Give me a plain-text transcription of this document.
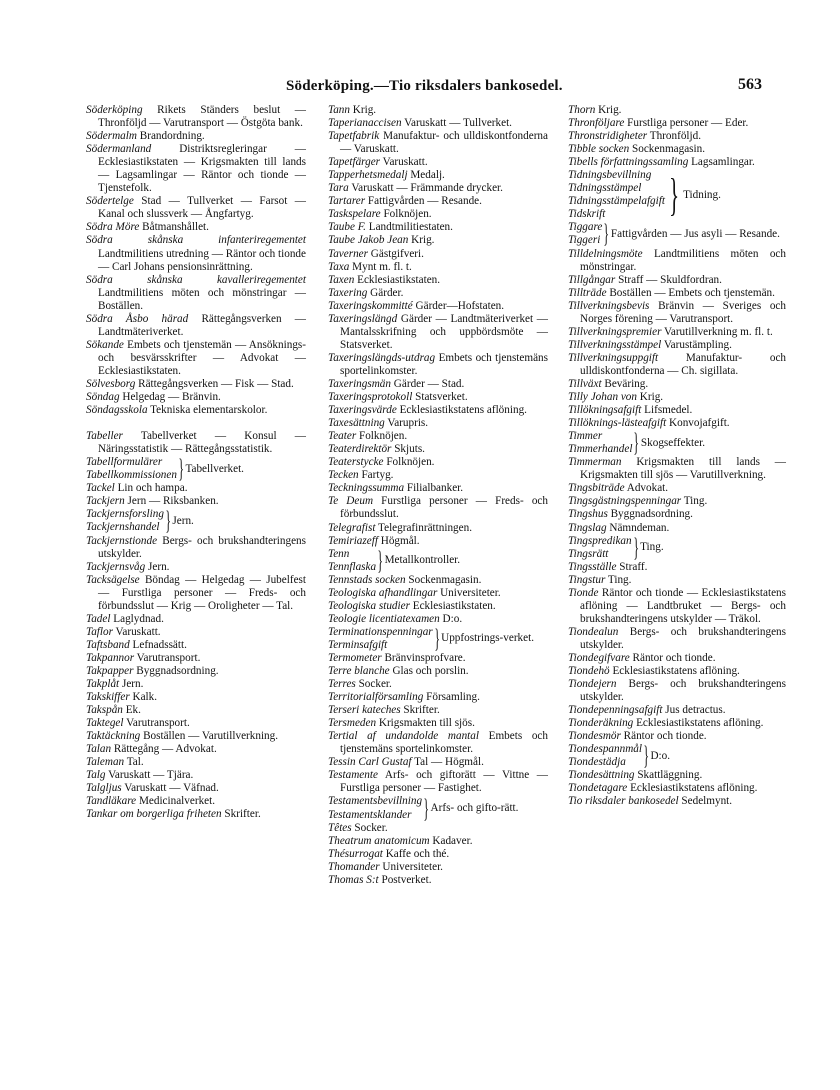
Söderköping.—Tio riksdalers bankosedel.	563

Söderköping Rikets Ständers beslut — Thronföljd — Varutransport — Östgöta bank.

Södermalm Brandordning.

Södermanland Distriktsregleringar — Ecklesiastikstaten — Krigsmakten till lands — Lagsamlingar — Räntor och tionde — Tjenstefolk.

Södertelge Stad — Tullverket — Farsot — Kanal och slussverk — Ångfartyg.

Södra Möre Båtmanshållet.

Södra skånska infanteriregementet Landtmilitiens utredning — Räntor och tionde — Carl Johans pensionsinrättning.

Södra skånska kavalleriregementet Landtmilitiens möten och mönstringar — Boställen.

Södra Åsbo härad Rättegångsverken — Landtmäteriverket.

Sökande Embets och tjenstemän — Ansöknings- och besvärsskrifter — Advokat — Ecklesiastikstaten.

Sölvesborg Rättegångsverken — Fisk — Stad.

Söndag Helgedag — Bränvin.

Söndagsskola Tekniska elementarskolor.

Tabeller Tabellverket — Konsul — Näringsstatistik — Rättegångsstatistik.

Tabellformulärer
Tabellkommissionen } Tabellverket.

Tackel Lin och hampa.

Tackjern Jern — Riksbanken.

Tackjernsforsling
Tackjernshandel } Jern.

Tackjernstionde Bergs- och brukshandteringens utskylder.

Tackjernsvåg Jern.

Tacksägelse Böndag — Helgedag — Jubelfest — Furstliga personer — Freds- och förbundsslut — Krig — Oroligheter — Tal.

Tadel Laglydnad.

Taflor Varuskatt.

Taftsband Lefnadssätt.

Takpannor Varutransport.

Takpapper Byggnadsordning.

Takplåt Jern.

Takskiffer Kalk.

Takspån Ek.

Taktegel Varutransport.

Taktäckning Boställen — Varutillverkning.

Talan Rättegång — Advokat.

Taleman Tal.

Talg Varuskatt — Tjära.

Talgljus Varuskatt — Väfnad.

Tandläkare Medicinalverket.

Tankar om borgerliga friheten Skrifter.

Tann Krig.

Taperianaccisen Varuskatt — Tullverket.

Tapetfabrik Manufaktur- och ulldiskontfonderna — Varuskatt.

Tapetfärger Varuskatt.

Tapperhetsmedalj Medalj.

Tara Varuskatt — Främmande drycker.

Tartarer Fattigvården — Resande.

Taskspelare Folknöjen.

Taube F. Landtmilitiestaten.

Taube Jakob Jean Krig.

Taverner Gästgifveri.

Taxa Mynt m. fl. t.

Taxen Ecklesiastikstaten.

Taxering Gärder.

Taxeringskommitté Gärder—Hofstaten.

Taxeringslängd Gärder — Landtmäteriverket — Mantalsskrifning och uppbördsmöte — Statsverket.

Taxeringslängds-utdrag Embets och tjenstemäns sportelinkomster.

Taxeringsmän Gärder — Stad.

Taxeringsprotokoll Statsverket.

Taxeringsvärde Ecklesiastikstatens aflöning.

Taxesättning Varupris.

Teater Folknöjen.

Teaterdirektör Skjuts.

Teaterstycke Folknöjen.

Tecken Fartyg.

Teckningssumma Filialbanker.

Te Deum Furstliga personer — Freds- och förbundsslut.

Telegrafist Telegrafinrättningen.

Temiriazeff Högmål.

Tenn
Tennflaska } Metallkontroller.

Tennstads socken Sockenmagasin.

Teologiska afhandlingar Universiteter.

Teologiska studier Ecklesiastikstaten.

Teologie licentiatexamen D:o.

Terminationspenningar
Terminsafgift	} Uppfostrings-verket.

Termometer Bränvinsprofvare.

Terre blanche Glas och porslin.

Terres Socker.

Territorialförsamling Församling.

Terseri kateches Skrifter.

Tersmeden Krigsmakten till sjös.

Tertial af undandolde mantal Embets och tjenstemäns sportelinkomster.

Tessin Carl Gustaf Tal — Högmål.

Testamente Arfs- och giftorätt — Vittne — Furstliga personer — Fastighet.

Testamentsbevillning
Testamentsklander } Arfs- och gifto-rätt.

Têtes Socker.

Theatrum anatomicum Kadaver.

Thésurrogat Kaffe och thé.

Thomander Universiteter.

Thomas S:t Postverket.

Thorn Krig.

Thronföljare Furstliga personer — Eder.

Thronstridigheter Thronföljd.

Tibble socken Sockenmagasin.

Tibells författningssamling Lagsamlingar.

Tidningsbevillning
Tidningsstämpel
Tidningsstämpelafgift
Tidskrift	} Tidning.
Tiggare
Tiggeri } Fattigvården — Jus asyli — Resande.

Tilldelningsmöte Landtmilitiens möten och mönstringar.

Tillgångar Straff — Skuldfordran.

Tillträde Boställen — Embets och tjenstemän.

Tillverkningsbevis Bränvin — Sveriges och Norges förening — Varutransport.

Tillverkningspremier Varutillverkning m. fl. t.

Tillverkningsstämpel Varustämpling.

Tillverkningsuppgift Manufaktur- och ulldiskontfonderna — Ch. sigillata.

Tillväxt Beväring.

Tilly Johan von Krig.

Tillökningsafgift Lifsmedel.

Tillöknings-lästeafgift Konvojafgift.

Timmer
Timmerhandel } Skogseffekter.

Timmerman Krigsmakten till lands — Krigsmakten till sjös — Varutillverkning.

Tingsbiträde Advokat.

Tingsgästningspenningar Ting.

Tingshus Byggnadsordning.

Tingslag Nämndeman.

Tingspredikan
Tingsrätt } Ting.

Tingsställe Straff.

Tingstur Ting.

Tionde Räntor och tionde — Ecklesiastikstatens aflöning — Landtbruket — Bergs- och brukshandteringens utskylder — Träkol.

Tiondealun Bergs- och brukshandteringens utskylder.

Tiondegifvare Räntor och tionde.

Tiondehö Ecklesiastikstatens aflöning.

Tiondejern Bergs- och brukshandteringens utskylder.

Tiondepenningsafgift Jus detractus.

Tionderäkning Ecklesiastikstatens aflöning.

Tiondesmör Räntor och tionde.

Tiondespannmål
Tiondestädja } D:o.

Tiondesättning Skattläggning.

Tiondetagare Ecklesiastikstatens aflöning.

Tio riksdaler bankosedel Sedelmynt.
